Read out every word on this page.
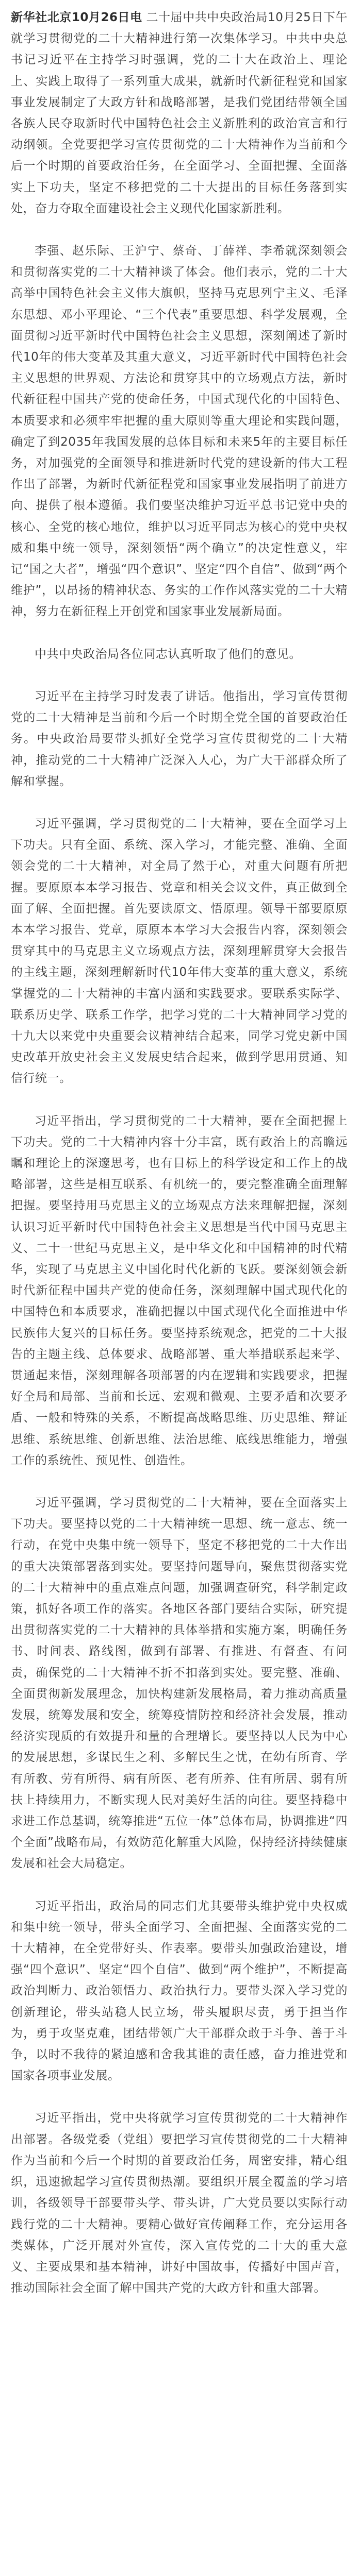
新华社北京10月26日电 二十届中共中央政治局10月25日下午就学习贯彻党的二十大精神进行第一次集体学习。中共中央总书记习近平在主持学习时强调，党的二十大在政治上、理论上、实践上取得了一系列重大成果，就新时代新征程党和国家事业发展制定了大政方针和战略部署，是我们党团结带领全国各族人民夺取新时代中国特色社会主义新胜利的政治宣言和行动纲领。全党要把学习宣传贯彻党的二十大精神作为当前和今后一个时期的首要政治任务，在全面学习、全面把握、全面落实上下功夫，坚定不移把党的二十大提出的目标任务落到实处，奋力夺取全面建设社会主义现代化国家新胜利。

李强、赵乐际、王沪宁、蔡奇、丁薛祥、李希就深刻领会和贯彻落实党的二十大精神谈了体会。他们表示，党的二十大高举中国特色社会主义伟大旗帜，坚持马克思列宁主义、毛泽东思想、邓小平理论、“三个代表”重要思想、科学发展观，全面贯彻习近平新时代中国特色社会主义思想，深刻阐述了新时代10年的伟大变革及其重大意义，习近平新时代中国特色社会主义思想的世界观、方法论和贯穿其中的立场观点方法，新时代新征程中国共产党的使命任务，中国式现代化的中国特色、本质要求和必须牢牢把握的重大原则等重大理论和实践问题，确定了到2035年我国发展的总体目标和未来5年的主要目标任务，对加强党的全面领导和推进新时代党的建设新的伟大工程作出了部署，为新时代新征程党和国家事业发展指明了前进方向、提供了根本遵循。我们要坚决维护习近平总书记党中央的核心、全党的核心地位，维护以习近平同志为核心的党中央权威和集中统一领导，深刻领悟“两个确立”的决定性意义，牢记“国之大者”，增强“四个意识”、坚定“四个自信”、做到“两个维护”，以昂扬的精神状态、务实的工作作风落实党的二十大精神，努力在新征程上开创党和国家事业发展新局面。

中共中央政治局各位同志认真听取了他们的意见。

习近平在主持学习时发表了讲话。他指出，学习宣传贯彻党的二十大精神是当前和今后一个时期全党全国的首要政治任务。中央政治局要带头抓好全党学习宣传贯彻党的二十大精神，推动党的二十大精神广泛深入人心，为广大干部群众所了解和掌握。

习近平强调，学习贯彻党的二十大精神，要在全面学习上下功夫。只有全面、系统、深入学习，才能完整、准确、全面领会党的二十大精神，对全局了然于心，对重大问题有所把握。要原原本本学习报告、党章和相关会议文件，真正做到全面了解、全面把握。首先要读原文、悟原理。领导干部要原原本本学习报告、党章，原原本本学习大会报告内容，深刻领会贯穿其中的马克思主义立场观点方法，深刻理解贯穿大会报告的主线主题，深刻理解新时代10年伟大变革的重大意义，系统掌握党的二十大精神的丰富内涵和实践要求。要联系实际学、联系历史学、联系工作学，把学习党的二十大精神同学习党的十九大以来党中央重要会议精神结合起来，同学习党史新中国史改革开放史社会主义发展史结合起来，做到学思用贯通、知信行统一。

习近平指出，学习贯彻党的二十大精神，要在全面把握上下功夫。党的二十大精神内容十分丰富，既有政治上的高瞻远瞩和理论上的深邃思考，也有目标上的科学设定和工作上的战略部署，这些是相互联系、有机统一的，要完整准确全面理解把握。要坚持用马克思主义的立场观点方法来理解把握，深刻认识习近平新时代中国特色社会主义思想是当代中国马克思主义、二十一世纪马克思主义，是中华文化和中国精神的时代精华，实现了马克思主义中国化时代化新的飞跃。要深刻领会新时代新征程中国共产党的使命任务，深刻理解中国式现代化的中国特色和本质要求，准确把握以中国式现代化全面推进中华民族伟大复兴的目标任务。要坚持系统观念，把党的二十大报告的主题主线、总体要求、战略部署、重大举措联系起来学、贯通起来悟，深刻理解各项部署的内在逻辑和实践要求，把握好全局和局部、当前和长远、宏观和微观、主要矛盾和次要矛盾、一般和特殊的关系，不断提高战略思维、历史思维、辩证思维、系统思维、创新思维、法治思维、底线思维能力，增强工作的系统性、预见性、创造性。

习近平强调，学习贯彻党的二十大精神，要在全面落实上下功夫。要坚持以党的二十大精神统一思想、统一意志、统一行动，在党中央集中统一领导下，坚定不移把党的二十大作出的重大决策部署落到实处。要坚持问题导向，聚焦贯彻落实党的二十大精神中的重点难点问题，加强调查研究，科学制定政策，抓好各项工作的落实。各地区各部门要结合实际，研究提出贯彻落实党的二十大精神的具体举措和实施方案，明确任务书、时间表、路线图，做到有部署、有推进、有督查、有问责，确保党的二十大精神不折不扣落到实处。要完整、准确、全面贯彻新发展理念，加快构建新发展格局，着力推动高质量发展，统筹发展和安全，统筹疫情防控和经济社会发展，推动经济实现质的有效提升和量的合理增长。要坚持以人民为中心的发展思想，多谋民生之利、多解民生之忧，在幼有所育、学有所教、劳有所得、病有所医、老有所养、住有所居、弱有所扶上持续用力，不断实现人民对美好生活的向往。要坚持稳中求进工作总基调，统筹推进“五位一体”总体布局，协调推进“四个全面”战略布局，有效防范化解重大风险，保持经济持续健康发展和社会大局稳定。

习近平指出，政治局的同志们尤其要带头维护党中央权威和集中统一领导，带头全面学习、全面把握、全面落实党的二十大精神，在全党带好头、作表率。要带头加强政治建设，增强“四个意识”、坚定“四个自信”、做到“两个维护”，不断提高政治判断力、政治领悟力、政治执行力。要带头深入学习党的创新理论，带头站稳人民立场，带头履职尽责，勇于担当作为，勇于攻坚克难，团结带领广大干部群众敢于斗争、善于斗争，以时不我待的紧迫感和舍我其谁的责任感，奋力推进党和国家各项事业发展。

习近平指出，党中央将就学习宣传贯彻党的二十大精神作出部署。各级党委（党组）要把学习宣传贯彻党的二十大精神作为当前和今后一个时期的首要政治任务，周密安排，精心组织，迅速掀起学习宣传贯彻热潮。要组织开展全覆盖的学习培训，各级领导干部要带头学、带头讲，广大党员要以实际行动践行党的二十大精神。要精心做好宣传阐释工作，充分运用各类媒体，广泛开展对外宣传，深入宣传党的二十大的重大意义、主要成果和基本精神，讲好中国故事，传播好中国声音，推动国际社会全面了解中国共产党的大政方针和重大部署。
